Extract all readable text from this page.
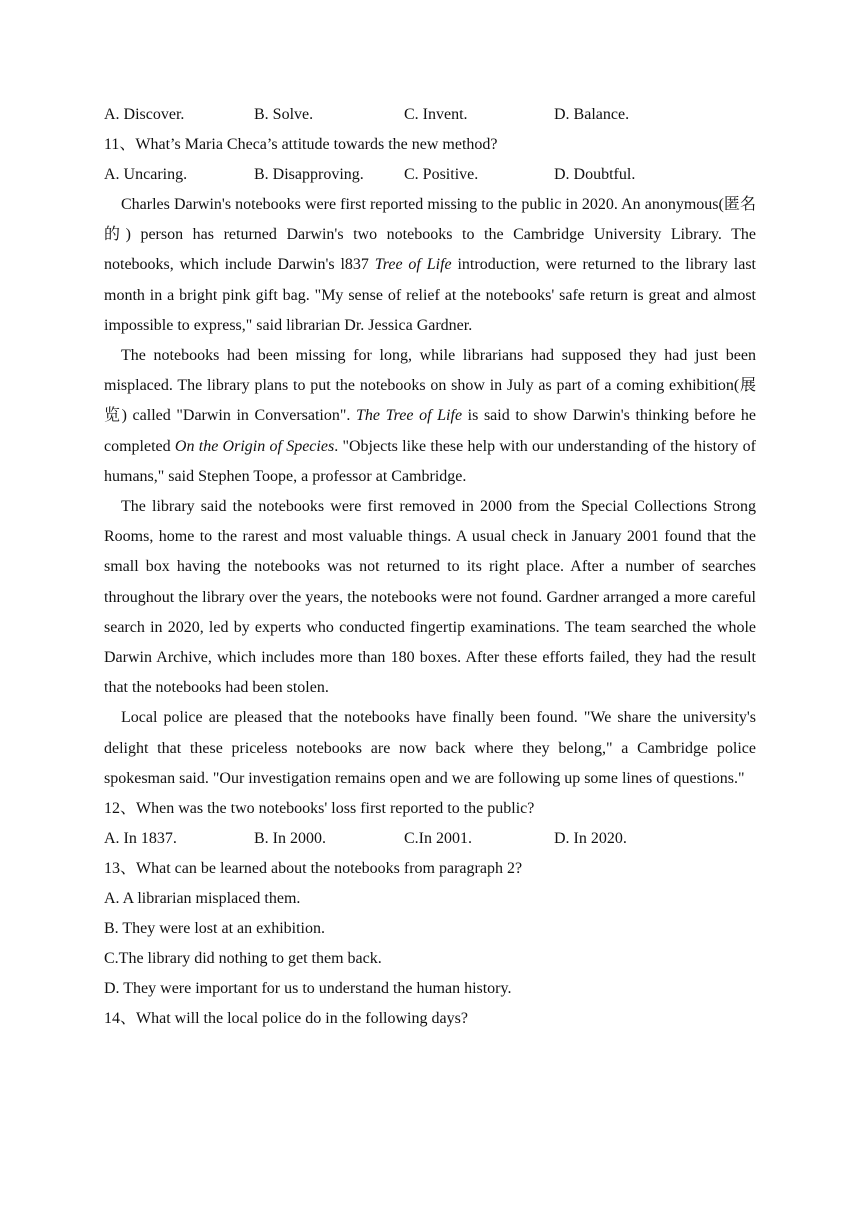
A. Discover.	B. Solve.	C. Invent.	D. Balance.
11、What’s Maria Checa’s attitude towards the new method?
A. Uncaring.	B. Disapproving.	C. Positive.	D. Doubtful.

Charles Darwin's notebooks were first reported missing to the public in 2020. An anonymous(匿名的) person has returned Darwin's two notebooks to the Cambridge University Library. The notebooks, which include Darwin's l837 Tree of Life introduction, were returned to the library last month in a bright pink gift bag. "My sense of relief at the notebooks' safe return is great and almost impossible to express," said librarian Dr. Jessica Gardner.

The notebooks had been missing for long, while librarians had supposed they had just been misplaced. The library plans to put the notebooks on show in July as part of a coming exhibition(展览) called "Darwin in Conversation". The Tree of Life is said to show Darwin's thinking before he completed On the Origin of Species. "Objects like these help with our understanding of the history of humans," said Stephen Toope, a professor at Cambridge.

The library said the notebooks were first removed in 2000 from the Special Collections Strong Rooms, home to the rarest and most valuable things. A usual check in January 2001 found that the small box having the notebooks was not returned to its right place. After a number of searches throughout the library over the years, the notebooks were not found. Gardner arranged a more careful search in 2020, led by experts who conducted fingertip examinations. The team searched the whole Darwin Archive, which includes more than 180 boxes. After these efforts failed, they had the result that the notebooks had been stolen.

Local police are pleased that the notebooks have finally been found. "We share the university's delight that these priceless notebooks are now back where they belong," a Cambridge police spokesman said. "Our investigation remains open and we are following up some lines of questions."

12、When was the two notebooks' loss first reported to the public?
A. In 1837.	B. In 2000.	C.In 2001.	D. In 2020.
13、What can be learned about the notebooks from paragraph 2?
A. A librarian misplaced them.
B. They were lost at an exhibition.
C.The library did nothing to get them back.
D. They were important for us to understand the human history.
14、What will the local police do in the following days?
